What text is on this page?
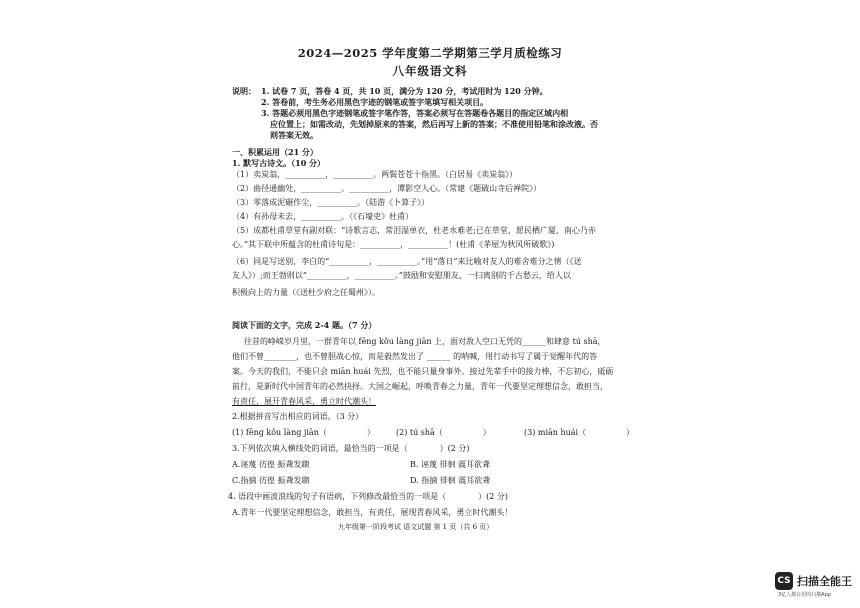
2024—2025 学年度第二学期第三学月质检练习
八年级语文科
说明： 1. 试卷 7 页，答卷 4 页，共 10 页，满分为 120 分，考试用时为 120 分钟。
2. 答卷前，考生务必用黑色字迹的钢笔或签字笔填写相关项目。
3. 答题必须用黑色字迹钢笔或签字笔作答，答案必须写在答题卷各题目的指定区域内相
应位置上；如需改动，先划掉原来的答案，然后再写上新的答案；不准使用铅笔和涂改液。否
则答案无效。
一、积累运用（21 分）
1. 默写古诗文。（10 分）
（1）卖炭翁，__________，__________。两鬓苍苍十指黑。（白居易《卖炭翁》）
（2）曲径通幽处，__________。__________，潭影空人心。（常建《题破山寺后禅院》）
（3）零落成泥碾作尘，__________。（陆游《卜算子》）
（4）有孙母未去，__________。（《石壕吏》杜甫）
（5）成都杜甫草堂有副对联：“诗歌言志，常泪湿单衣，杜老水难老;已在草堂，愿民栖广厦，南心乃赤
心。”其下联中所蕴含的杜甫诗句是：__________，__________！(杜甫《茅屋为秋风所破歌》)
（6）同是写送别，李白的“__________，__________。”用“落日”来比喻对友人的难舍难分之情（《送
友人》）;而王勃则以“__________，__________。”鼓励和安慰朋友，一扫离别的千古愁云，给人以
积极向上的力量（《送杜少府之任蜀州》）。
阅读下面的文字，完成 2-4 题。（7 分）
往昔的峥嵘岁月里，一群青年以 fēng kǒu làng jiān 上，面对敌人空口无凭的______和肆意 tú shā，
他们不曾________，也不曾胆战心惊，而是毅然发出了 ______ 的呐喊，用行动书写了属于觉醒年代的答
案。今天的我们，不能只会 miān huái 先烈，也不能只量身事外。接过先辈手中的接力棒，不忘初心，砥砺
前行，是新时代中国青年的必然抉择。大国之崛起，呼唤青春之力量，青年一代要坚定理想信念，敢担当，
有责任，展开青春风采，勇立时代潮头！
2.根据拼音写出相应的词语。（3 分）
(1) fēng kǒu làng jiān（　　　　　）	(2) tú shā（　　　　　）	(3) miān huái（　　　　　）
3.下列依次填入横线处的词语，最恰当的一项是（　　　　）(2 分)
A.诬蔑 彷徨 振聋发聩	B. 诬蔑 徘徊 震耳欲聋
C.指摘 彷徨 振聋发聩	D. 指摘 徘徊 震耳欲聋
4. 语段中画波浪线的句子有语病，下列修改最恰当的一项是（　　　　）(2 分)
A.青年一代要坚定理想信念，敢担当，有责任，展现青春风采，勇立时代潮头！
九年级第一阶段考试 语文试题 第 1 页（共 6 页）
CS 扫描全能王
3亿人都在用的扫描App
